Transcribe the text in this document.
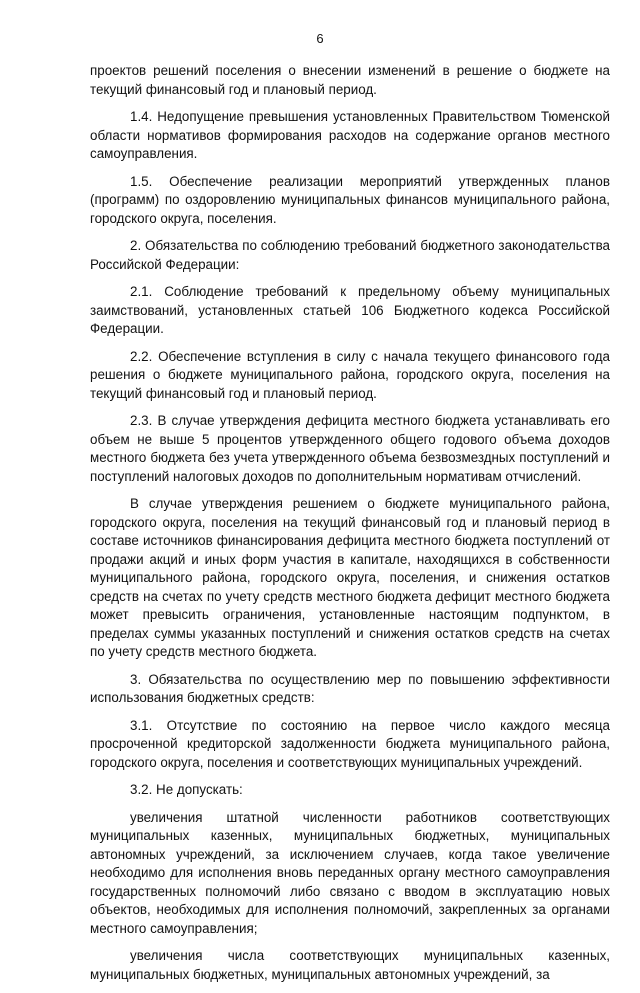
6

проектов решений поселения о внесении изменений в решение о бюджете на текущий финансовый год и плановый период.

1.4. Недопущение превышения установленных Правительством Тюменской области нормативов формирования расходов на содержание органов местного самоуправления.

1.5. Обеспечение реализации мероприятий утвержденных планов (программ) по оздоровлению муниципальных финансов муниципального района, городского округа, поселения.

2. Обязательства по соблюдению требований бюджетного законодательства Российской Федерации:

2.1. Соблюдение требований к предельному объему муниципальных заимствований, установленных статьей 106 Бюджетного кодекса Российской Федерации.

2.2. Обеспечение вступления в силу с начала текущего финансового года решения о бюджете муниципального района, городского округа, поселения на текущий финансовый год и плановый период.

2.3. В случае утверждения дефицита местного бюджета устанавливать его объем не выше 5 процентов утвержденного общего годового объема доходов местного бюджета без учета утвержденного объема безвозмездных поступлений и поступлений налоговых доходов по дополнительным нормативам отчислений.

В случае утверждения решением о бюджете муниципального района, городского округа, поселения на текущий финансовый год и плановый период в составе источников финансирования дефицита местного бюджета поступлений от продажи акций и иных форм участия в капитале, находящихся в собственности муниципального района, городского округа, поселения, и снижения остатков средств на счетах по учету средств местного бюджета дефицит местного бюджета может превысить ограничения, установленные настоящим подпунктом, в пределах суммы указанных поступлений и снижения остатков средств на счетах по учету средств местного бюджета.

3. Обязательства по осуществлению мер по повышению эффективности использования бюджетных средств:

3.1. Отсутствие по состоянию на первое число каждого месяца просроченной кредиторской задолженности бюджета муниципального района, городского округа, поселения и соответствующих муниципальных учреждений.

3.2. Не допускать:

увеличения штатной численности работников соответствующих муниципальных казенных, муниципальных бюджетных, муниципальных автономных учреждений, за исключением случаев, когда такое увеличение необходимо для исполнения вновь переданных органу местного самоуправления государственных полномочий либо связано с вводом в эксплуатацию новых объектов, необходимых для исполнения полномочий, закрепленных за органами местного самоуправления;

увеличения числа соответствующих муниципальных казенных, муниципальных бюджетных, муниципальных автономных учреждений, за
